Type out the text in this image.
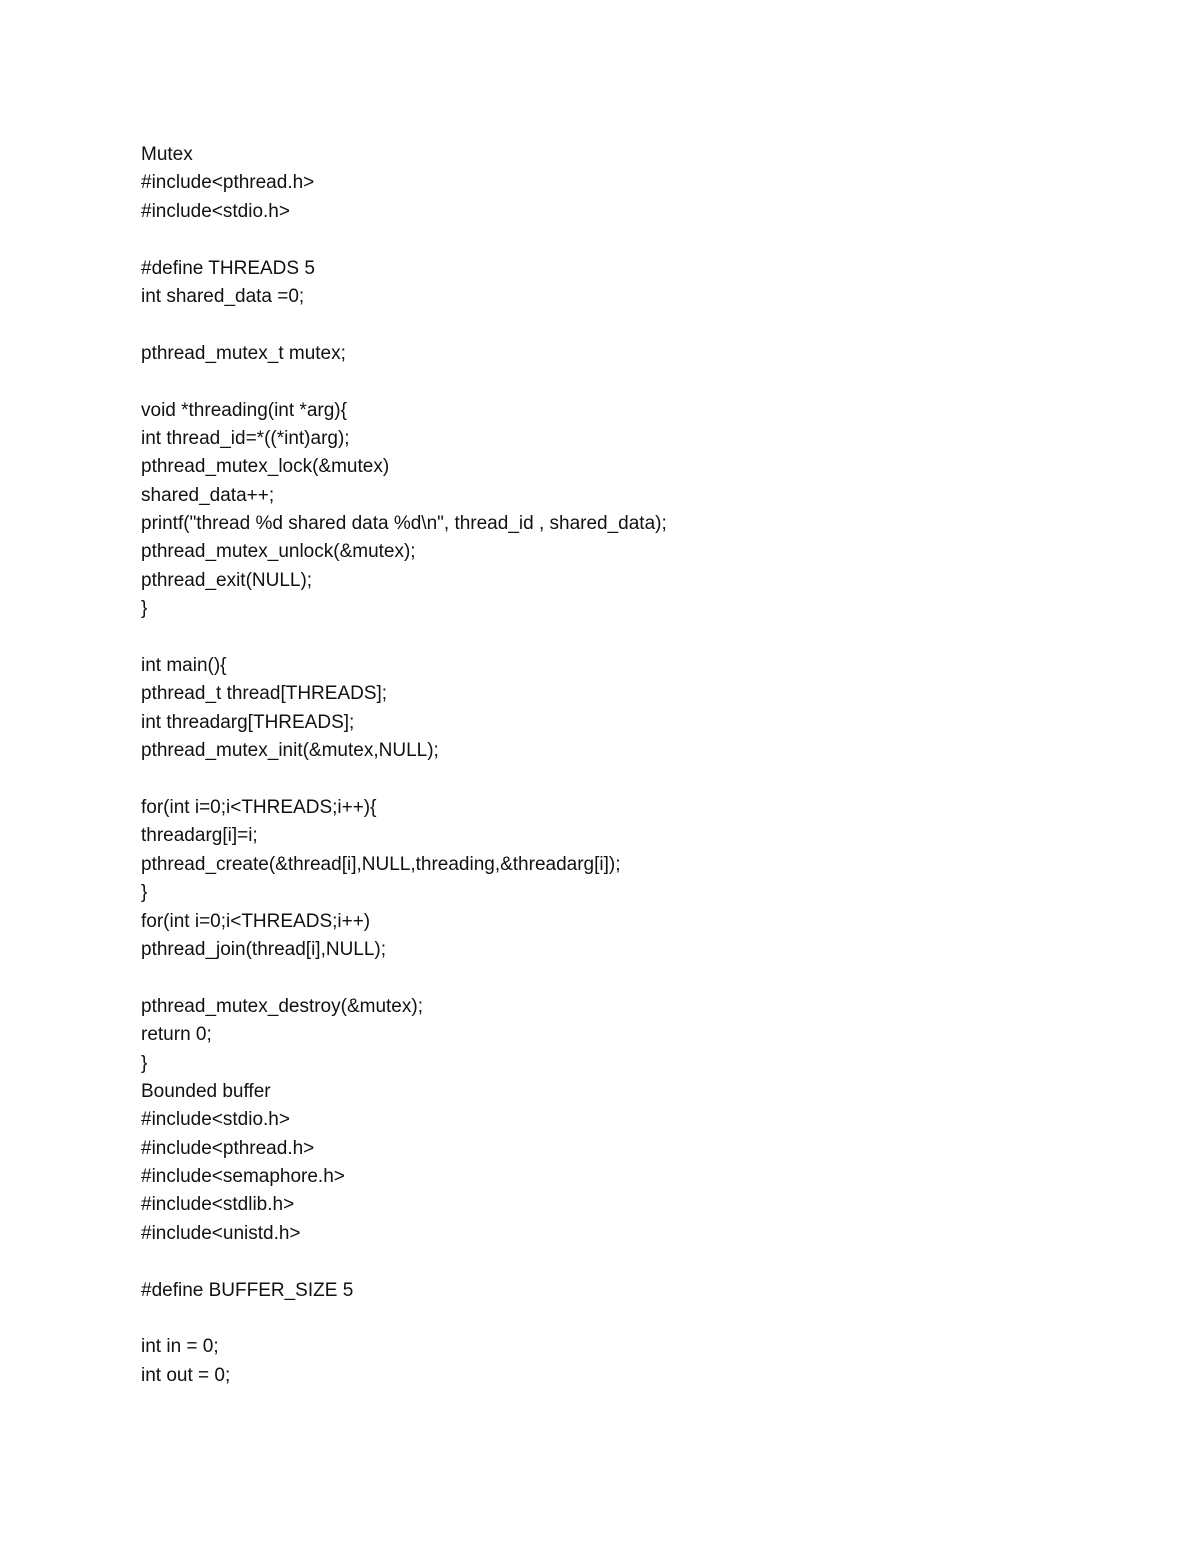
Mutex
#include<pthread.h>
#include<stdio.h>
#define THREADS 5
int shared_data =0;
pthread_mutex_t mutex;
void *threading(int *arg){
int thread_id=*((*int)arg);
pthread_mutex_lock(&mutex)
shared_data++;
printf("thread %d shared data %d\n", thread_id , shared_data);
pthread_mutex_unlock(&mutex);
pthread_exit(NULL);
}
int main(){
pthread_t thread[THREADS];
int threadarg[THREADS];
pthread_mutex_init(&mutex,NULL);
for(int i=0;i<THREADS;i++){
threadarg[i]=i;
pthread_create(&thread[i],NULL,threading,&threadarg[i]);
}
for(int i=0;i<THREADS;i++)
pthread_join(thread[i],NULL);
pthread_mutex_destroy(&mutex);
return 0;
}
Bounded buffer
#include<stdio.h>
#include<pthread.h>
#include<semaphore.h>
#include<stdlib.h>
#include<unistd.h>
#define BUFFER_SIZE 5
int in = 0;
int out = 0;
